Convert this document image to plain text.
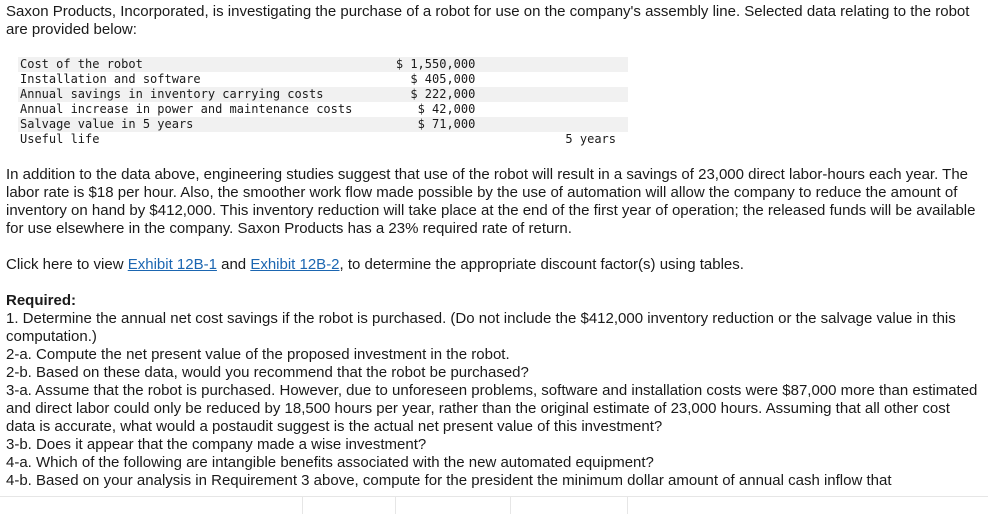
Saxon Products, Incorporated, is investigating the purchase of a robot for use on the company's assembly line. Selected data relating to the robot are provided below:

Cost of the robot	$ 1,550,000	
Installation and software	$ 405,000	
Annual savings in inventory carrying costs	$ 222,000	
Annual increase in power and maintenance costs	$ 42,000	
Salvage value in 5 years	$ 71,000	
Useful life		5 years

In addition to the data above, engineering studies suggest that use of the robot will result in a savings of 23,000 direct labor-hours each year. The labor rate is $18 per hour. Also, the smoother work flow made possible by the use of automation will allow the company to reduce the amount of inventory on hand by $412,000. This inventory reduction will take place at the end of the first year of operation; the released funds will be available for use elsewhere in the company. Saxon Products has a 23% required rate of return.

Click here to view Exhibit 12B-1 and Exhibit 12B-2, to determine the appropriate discount factor(s) using tables.

Required:
1. Determine the annual net cost savings if the robot is purchased. (Do not include the $412,000 inventory reduction or the salvage value in this computation.)
2-a. Compute the net present value of the proposed investment in the robot.
2-b. Based on these data, would you recommend that the robot be purchased?
3-a. Assume that the robot is purchased. However, due to unforeseen problems, software and installation costs were $87,000 more than estimated and direct labor could only be reduced by 18,500 hours per year, rather than the original estimate of 23,000 hours. Assuming that all other cost data is accurate, what would a postaudit suggest is the actual net present value of this investment?
3-b. Does it appear that the company made a wise investment?
4-a. Which of the following are intangible benefits associated with the new automated equipment?
4-b. Based on your analysis in Requirement 3 above, compute for the president the minimum dollar amount of annual cash inflow that
